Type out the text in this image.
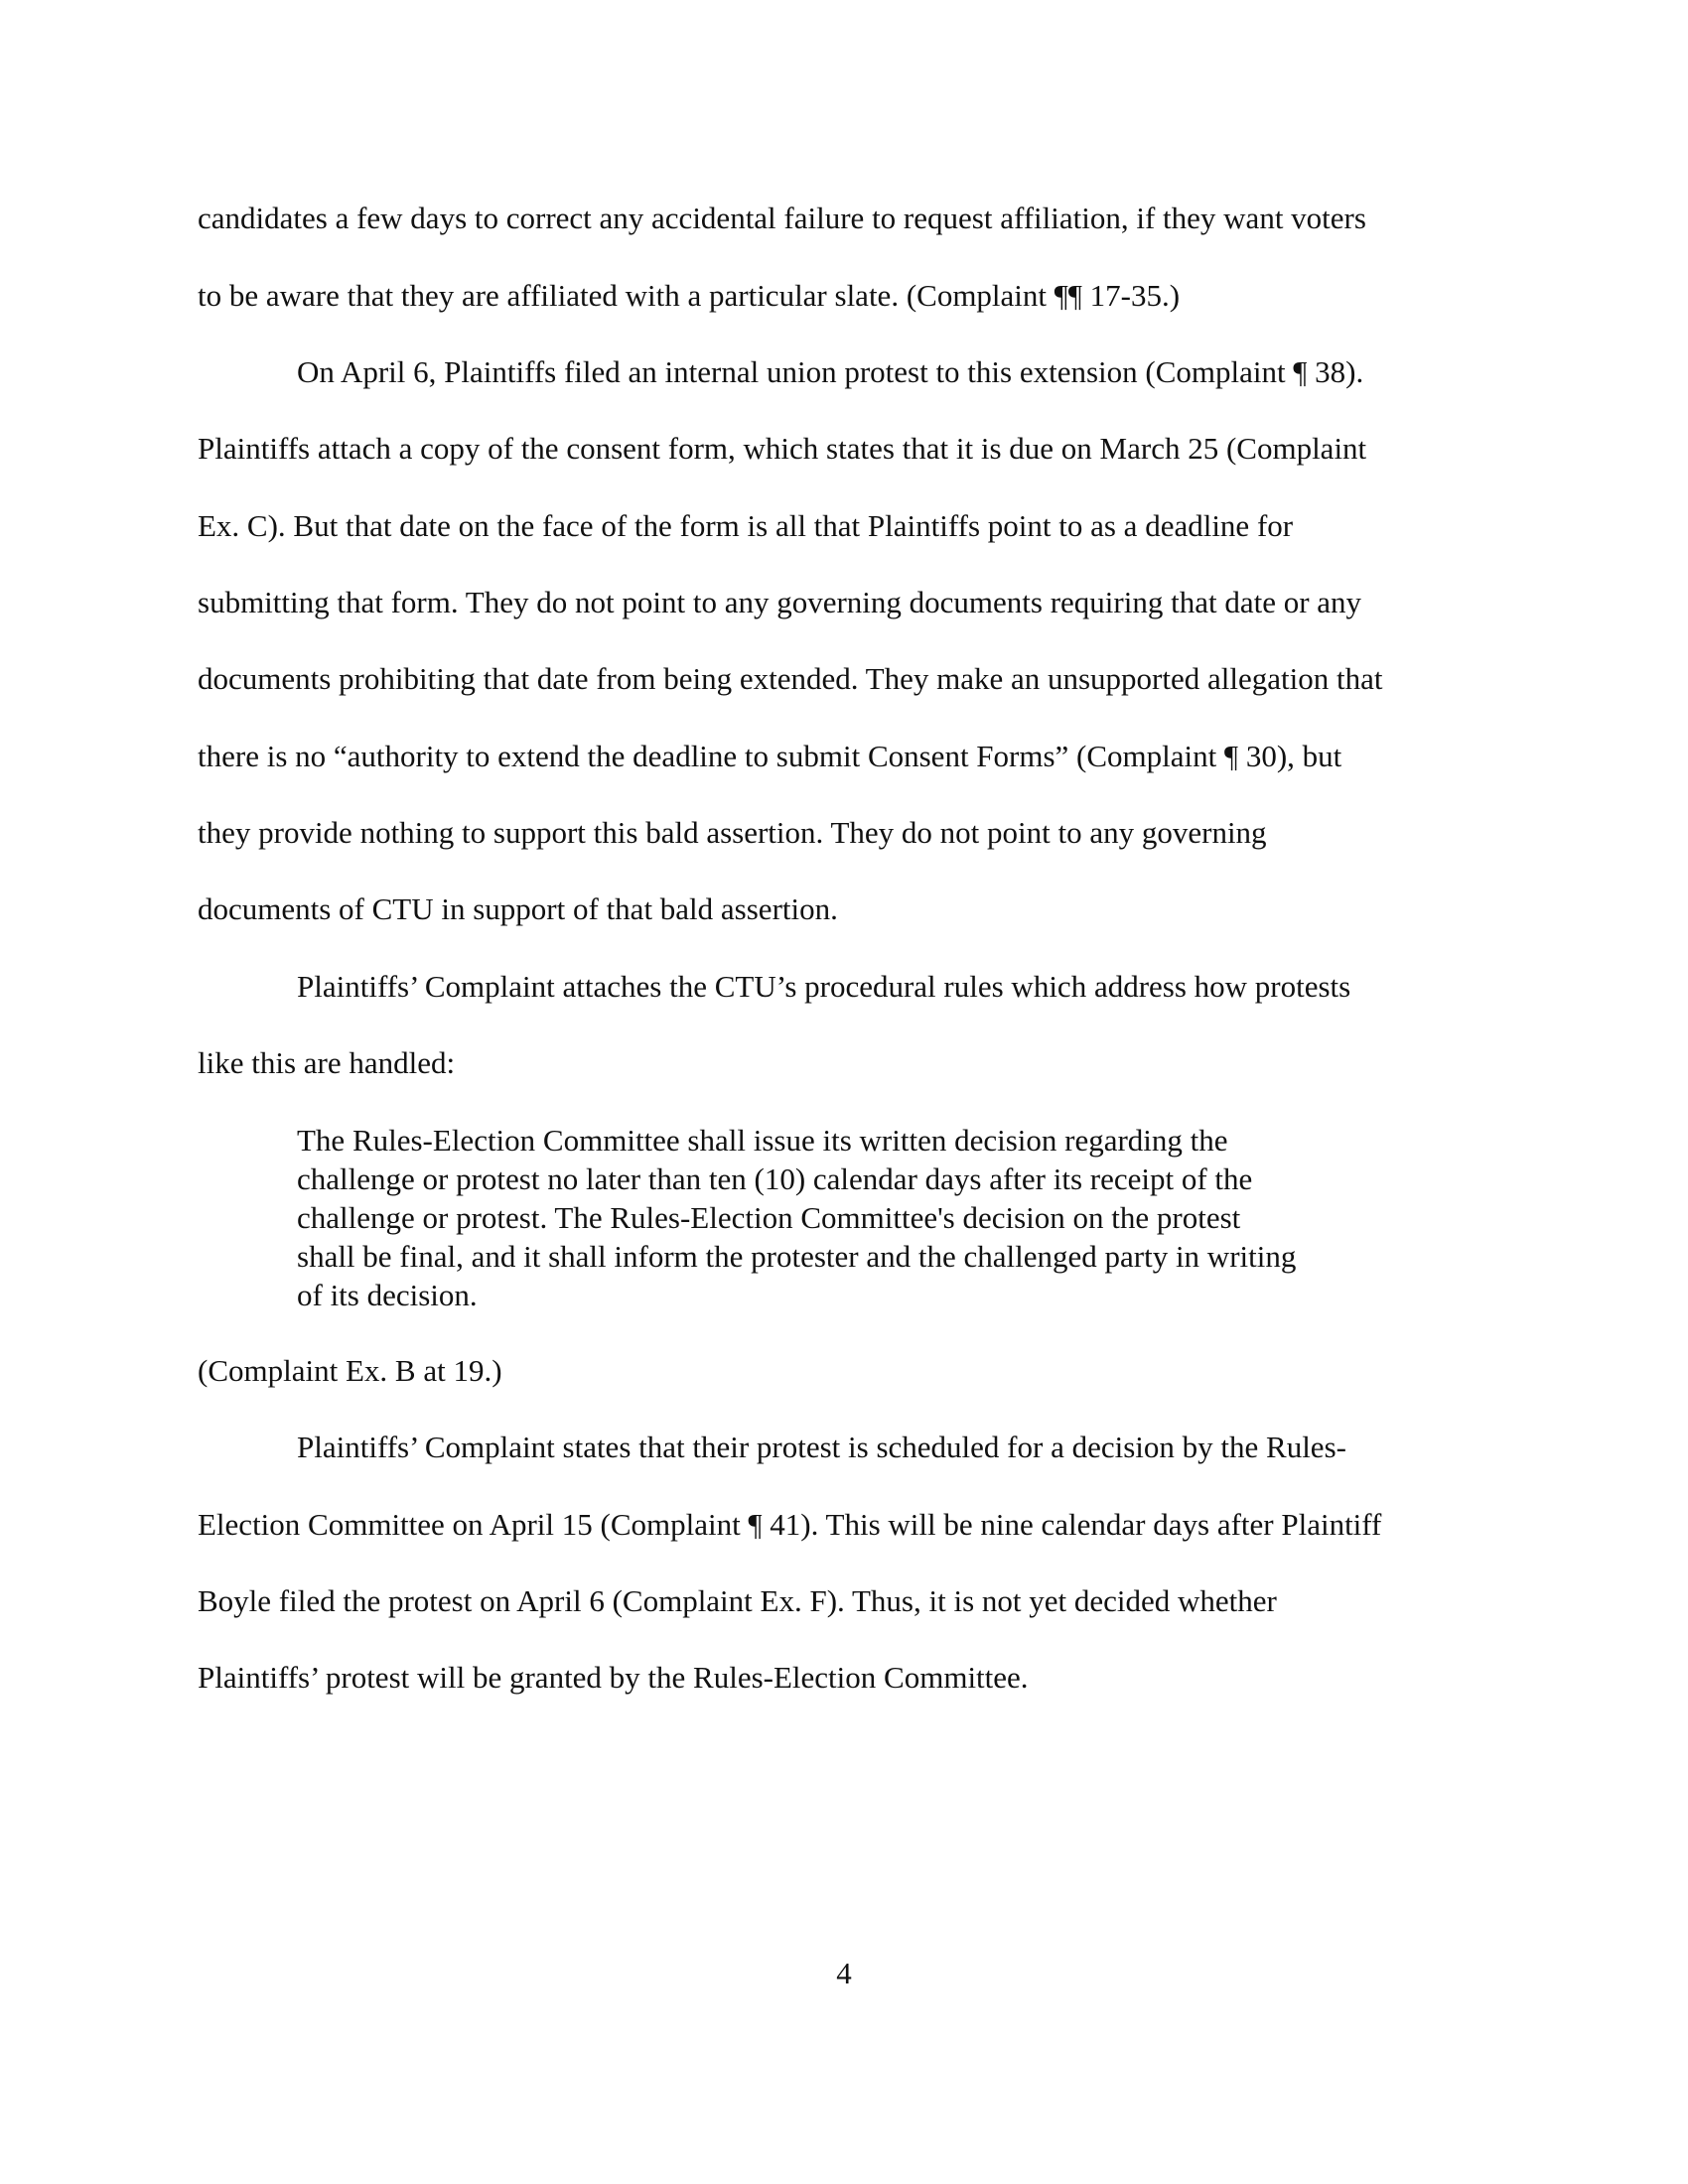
candidates a few days to correct any accidental failure to request affiliation, if they want voters

to be aware that they are affiliated with a particular slate. (Complaint ¶¶ 17-35.)

On April 6, Plaintiffs filed an internal union protest to this extension (Complaint ¶ 38).

Plaintiffs attach a copy of the consent form, which states that it is due on March 25 (Complaint

Ex. C). But that date on the face of the form is all that Plaintiffs point to as a deadline for

submitting that form. They do not point to any governing documents requiring that date or any

documents prohibiting that date from being extended. They make an unsupported allegation that

there is no “authority to extend the deadline to submit Consent Forms” (Complaint ¶ 30), but

they provide nothing to support this bald assertion. They do not point to any governing

documents of CTU in support of that bald assertion.

Plaintiffs’ Complaint attaches the CTU’s procedural rules which address how protests

like this are handled:

The Rules-Election Committee shall issue its written decision regarding the
challenge or protest no later than ten (10) calendar days after its receipt of the
challenge or protest. The Rules-Election Committee's decision on the protest
shall be final, and it shall inform the protester and the challenged party in writing
of its decision.

(Complaint Ex. B at 19.)

Plaintiffs’ Complaint states that their protest is scheduled for a decision by the Rules-

Election Committee on April 15 (Complaint ¶ 41). This will be nine calendar days after Plaintiff

Boyle filed the protest on April 6 (Complaint Ex. F). Thus, it is not yet decided whether

Plaintiffs’ protest will be granted by the Rules-Election Committee.

4
